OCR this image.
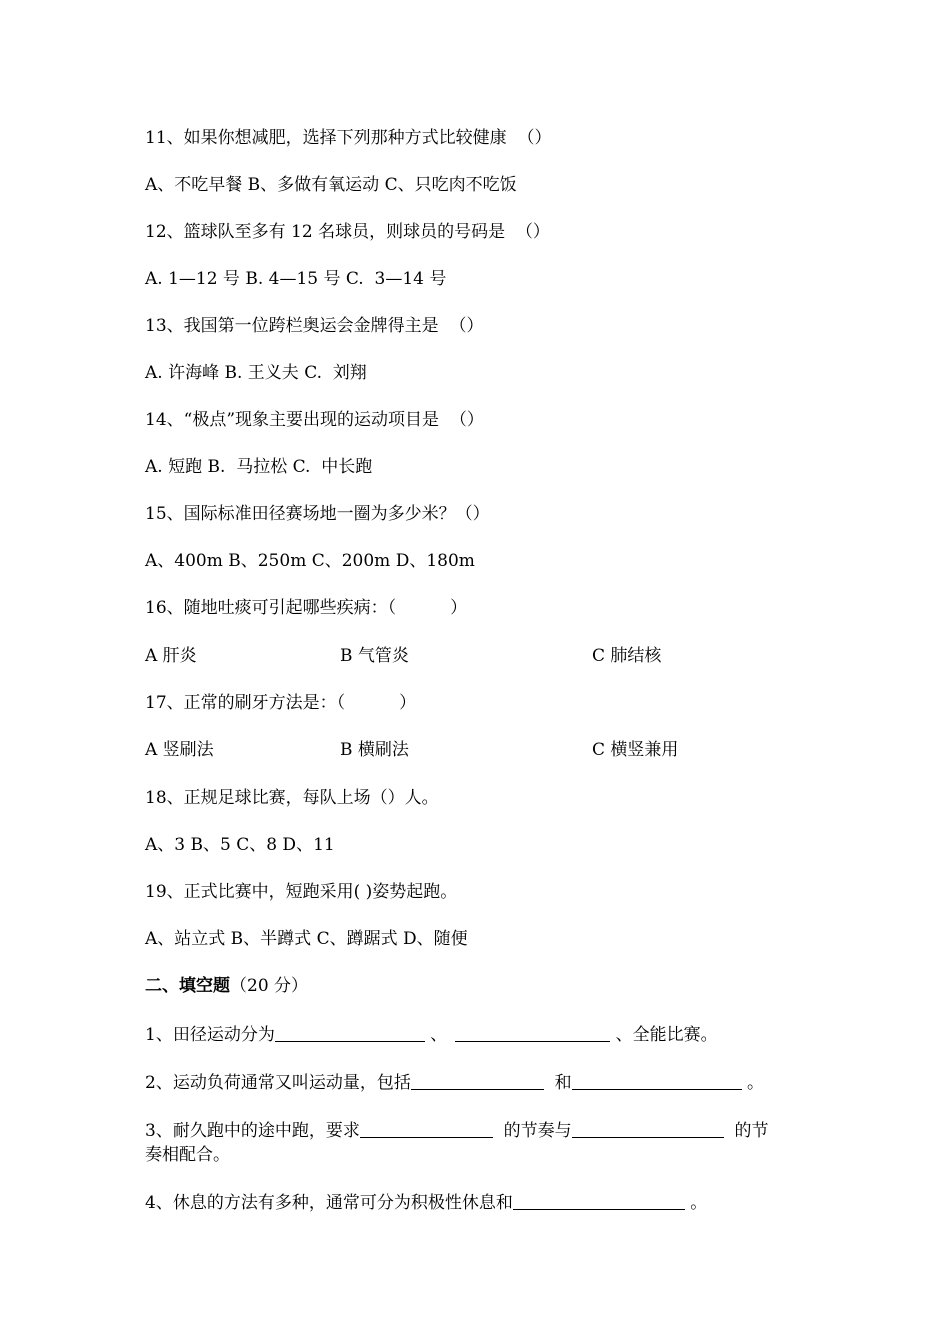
11、如果你想减肥，选择下列那种方式比较健康  （）
A、不吃早餐 B、多做有氧运动 C、只吃肉不吃饭
12、篮球队至多有 12 名球员，则球员的号码是  （）
A. 1—12 号 B. 4—15 号 C.  3—14 号
13、我国第一位跨栏奥运会金牌得主是  （）
A. 许海峰 B. 王义夫 C.  刘翔
14、“极点”现象主要出现的运动项目是  （）
A. 短跑 B.  马拉松 C.  中长跑
15、国际标准田径赛场地一圈为多少米？（）
A、400m B、250m C、200m D、180m
16、随地吐痰可引起哪些疾病：（          ）
A 肝炎	B 气管炎	C 肺结核
17、正常的刷牙方法是：（          ）
A 竖刷法	B 横刷法	C 横竖兼用
18、正规足球比赛，每队上场（）人。
A、3 B、5 C、8 D、11
19、正式比赛中，短跑采用( )姿势起跑。
A、站立式 B、半蹲式 C、蹲踞式 D、随便
二、填空题（20 分）
1、田径运动分为	、	、全能比赛。
2、运动负荷通常又叫运动量，包括	和	。
3、耐久跑中的途中跑，要求	的节奏与	的节
奏相配合。
4、休息的方法有多种，通常可分为积极性休息和	。
